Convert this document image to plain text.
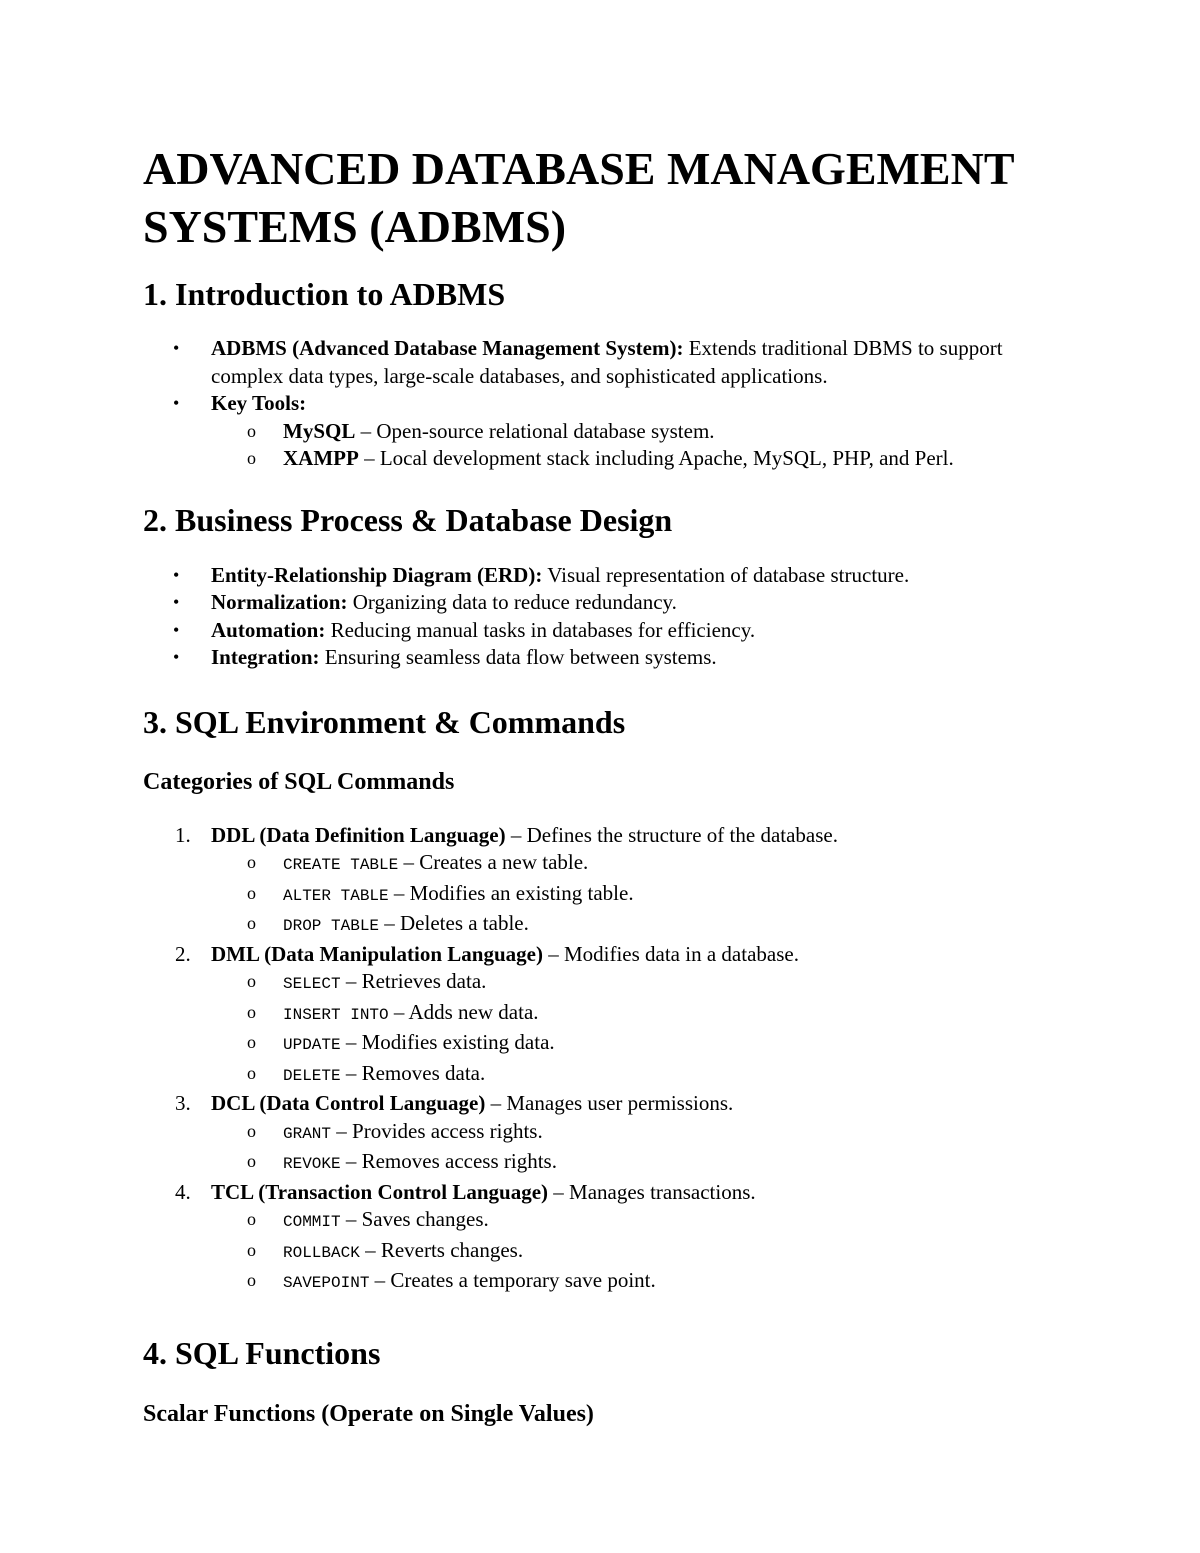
ADVANCED DATABASE MANAGEMENT SYSTEMS (ADBMS)
1. Introduction to ADBMS
• ADBMS (Advanced Database Management System): Extends traditional DBMS to support complex data types, large-scale databases, and sophisticated applications.
• Key Tools:
o MySQL – Open-source relational database system.
o XAMPP – Local development stack including Apache, MySQL, PHP, and Perl.
2. Business Process & Database Design
• Entity-Relationship Diagram (ERD): Visual representation of database structure.
• Normalization: Organizing data to reduce redundancy.
• Automation: Reducing manual tasks in databases for efficiency.
• Integration: Ensuring seamless data flow between systems.
3. SQL Environment & Commands
Categories of SQL Commands
1. DDL (Data Definition Language) – Defines the structure of the database.
o CREATE TABLE – Creates a new table.
o ALTER TABLE – Modifies an existing table.
o DROP TABLE – Deletes a table.
2. DML (Data Manipulation Language) – Modifies data in a database.
o SELECT – Retrieves data.
o INSERT INTO – Adds new data.
o UPDATE – Modifies existing data.
o DELETE – Removes data.
3. DCL (Data Control Language) – Manages user permissions.
o GRANT – Provides access rights.
o REVOKE – Removes access rights.
4. TCL (Transaction Control Language) – Manages transactions.
o COMMIT – Saves changes.
o ROLLBACK – Reverts changes.
o SAVEPOINT – Creates a temporary save point.
4. SQL Functions
Scalar Functions (Operate on Single Values)
